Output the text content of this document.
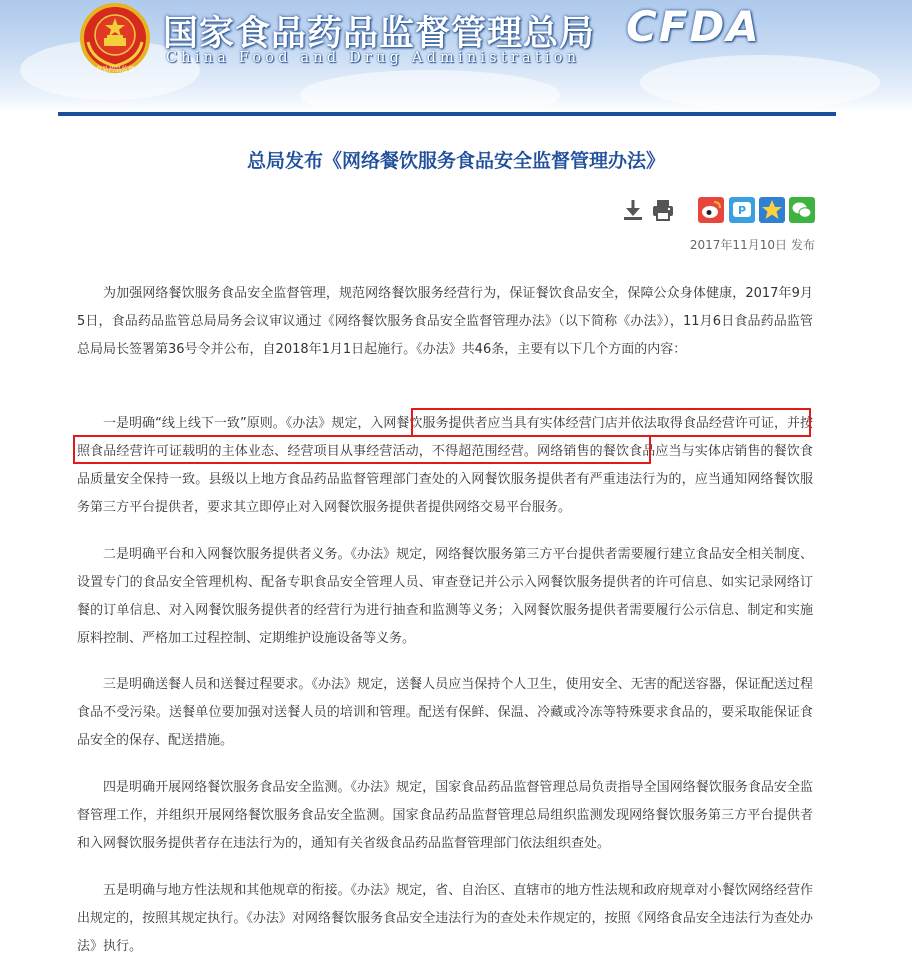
食品药品监督
国家食品药品监督管理总局
China Food and Drug Administration
CFDA
总局发布《网络餐饮服务食品安全监督管理办法》
P
2017年11月10日 发布

为加强网络餐饮服务食品安全监督管理，规范网络餐饮服务经营行为，保证餐饮食品安全，保障公众身体健康，2017年9月5日，食品药品监管总局局务会议审议通过《网络餐饮服务食品安全监督管理办法》（以下简称《办法》），11月6日食品药品监管总局局长签署第36号令并公布，自2018年1月1日起施行。《办法》共46条，主要有以下几个方面的内容：

一是明确“线上线下一致”原则。《办法》规定，入网餐饮服务提供者应当具有实体经营门店并依法取得食品经营许可证，并按照食品经营许可证载明的主体业态、经营项目从事经营活动，不得超范围经营。网络销售的餐饮食品应当与实体店销售的餐饮食品质量安全保持一致。县级以上地方食品药品监督管理部门查处的入网餐饮服务提供者有严重违法行为的，应当通知网络餐饮服务第三方平台提供者，要求其立即停止对入网餐饮服务提供者提供网络交易平台服务。

二是明确平台和入网餐饮服务提供者义务。《办法》规定，网络餐饮服务第三方平台提供者需要履行建立食品安全相关制度、设置专门的食品安全管理机构、配备专职食品安全管理人员、审查登记并公示入网餐饮服务提供者的许可信息、如实记录网络订餐的订单信息、对入网餐饮服务提供者的经营行为进行抽查和监测等义务；入网餐饮服务提供者需要履行公示信息、制定和实施原料控制、严格加工过程控制、定期维护设施设备等义务。

三是明确送餐人员和送餐过程要求。《办法》规定，送餐人员应当保持个人卫生，使用安全、无害的配送容器，保证配送过程食品不受污染。送餐单位要加强对送餐人员的培训和管理。配送有保鲜、保温、冷藏或冷冻等特殊要求食品的，要采取能保证食品安全的保存、配送措施。

四是明确开展网络餐饮服务食品安全监测。《办法》规定，国家食品药品监督管理总局负责指导全国网络餐饮服务食品安全监督管理工作，并组织开展网络餐饮服务食品安全监测。国家食品药品监督管理总局组织监测发现网络餐饮服务第三方平台提供者和入网餐饮服务提供者存在违法行为的，通知有关省级食品药品监督管理部门依法组织查处。

五是明确与地方性法规和其他规章的衔接。《办法》规定，省、自治区、直辖市的地方性法规和政府规章对小餐饮网络经营作出规定的，按照其规定执行。《办法》对网络餐饮服务食品安全违法行为的查处未作规定的，按照《网络食品安全违法行为查处办法》执行。
